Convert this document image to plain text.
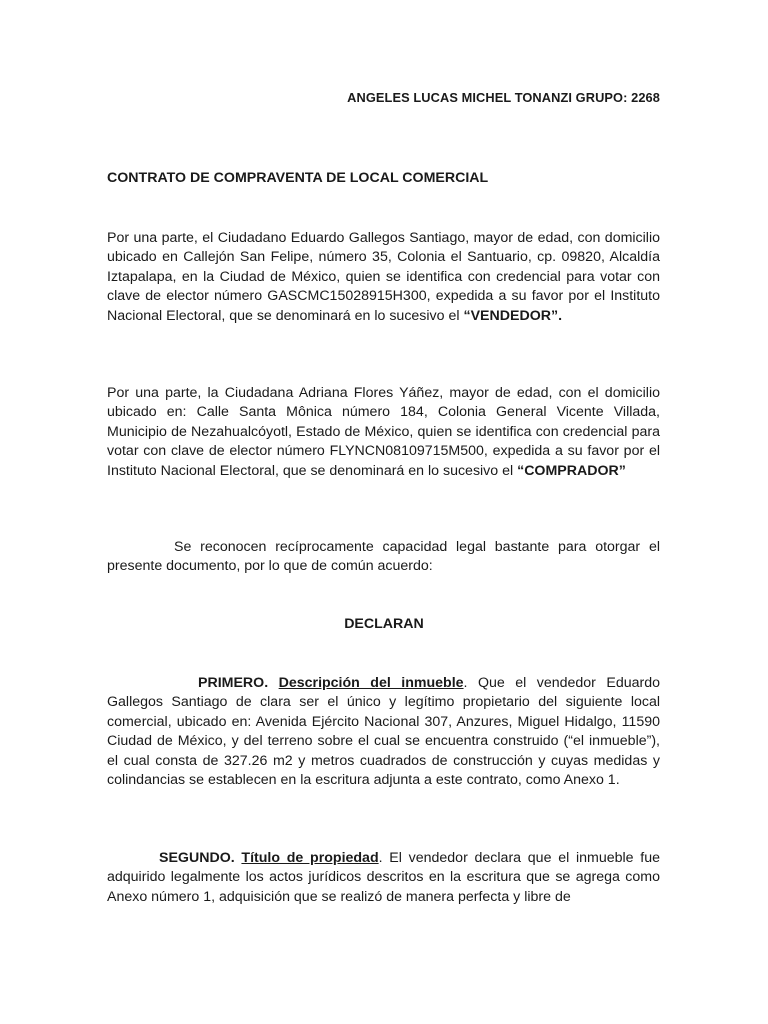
ANGELES LUCAS MICHEL TONANZI GRUPO: 2268
CONTRATO DE COMPRAVENTA DE LOCAL COMERCIAL

Por una parte, el Ciudadano Eduardo Gallegos Santiago, mayor de edad, con domicilio ubicado en Callejón San Felipe, número 35, Colonia el Santuario, cp. 09820, Alcaldía Iztapalapa, en la Ciudad de México, quien se identifica con credencial para votar con clave de elector número GASCMC15028915H300, expedida a su favor por el Instituto Nacional Electoral, que se denominará en lo sucesivo el “VENDEDOR”.

Por una parte, la Ciudadana Adriana Flores Yáñez, mayor de edad, con el domicilio ubicado en: Calle Santa Mônica número 184, Colonia General Vicente Villada, Municipio de Nezahualcóyotl, Estado de México, quien se identifica con credencial para votar con clave de elector número FLYNCN08109715M500, expedida a su favor por el Instituto Nacional Electoral, que se denominará en lo sucesivo el “COMPRADOR”

Se reconocen recíprocamente capacidad legal bastante para otorgar el presente documento, por lo que de común acuerdo:

DECLARAN

PRIMERO. Descripción del inmueble. Que el vendedor Eduardo Gallegos Santiago de clara ser el único y legítimo propietario del siguiente local comercial, ubicado en: Avenida Ejército Nacional 307, Anzures, Miguel Hidalgo, 11590 Ciudad de México, y del terreno sobre el cual se encuentra construido (“el inmueble”), el cual consta de 327.26 m2 y metros cuadrados de construcción y cuyas medidas y colindancias se establecen en la escritura adjunta a este contrato, como Anexo 1.

SEGUNDO. Título de propiedad. El vendedor declara que el inmueble fue adquirido legalmente los actos jurídicos descritos en la escritura que se agrega como Anexo número 1, adquisición que se realizó de manera perfecta y libre de
